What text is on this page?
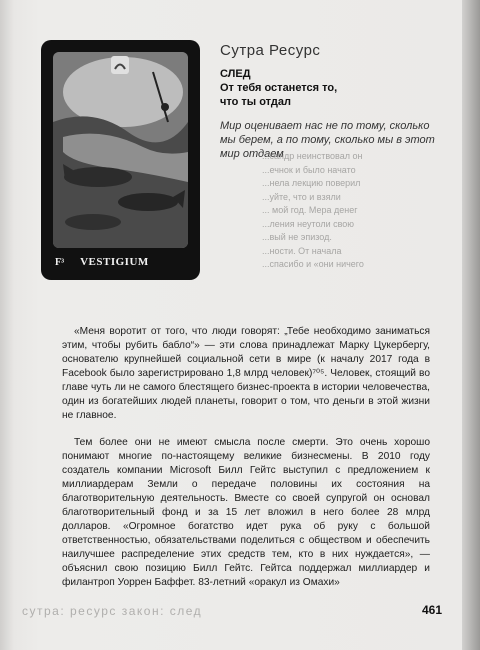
...сандр неинствовал он
...ечнок и было начато
...нела лекцию поверил
...уйте, что и взяли
... мой год. Мера денег
...ления неутоли свою
...вый не эпизод.
...ности. От начала
...спасибо и «они ничего
F³ VESTIGIUM
Сутра Ресурс
СЛЕД
От тебя останется то,
что ты отдал
Мир оценивает нас не по тому, сколько
мы берем, а по тому, сколько мы в этот
мир отдаем

«Меня воротит от того, что люди говорят: „Тебе необходимо заниматься этим, чтобы рубить бабло“» — эти слова принадлежат Марку Цукербергу, основателю крупнейшей социальной сети в мире (к началу 2017 года в Facebook было зарегистрировано 1,8 млрд человек)⁷⁰⁵. Человек, стоящий во главе чуть ли не самого блестящего бизнес-проекта в истории человечества, один из богатейших людей планеты, говорит о том, что деньги в этой жизни не главное.

Тем более они не имеют смысла после смерти. Это очень хорошо понимают многие по-настоящему великие бизнесмены. В 2010 году создатель компании Microsoft Билл Гейтс выступил с предложением к миллиардерам Земли о передаче половины их состояния на благотворительную деятельность. Вместе со своей супругой он основал благотворительный фонд и за 15 лет вложил в него более 28 млрд долларов. «Огромное богатство идет рука об руку с большой ответственностью, обязательствами поделиться с обществом и обеспечить наилучшее распределение этих средств тем, кто в них нуждается», — объяснил свою позицию Билл Гейтс. Гейтса поддержал миллиардер и филантроп Уоррен Баффет. 83-летний «оракул из Омахи»

сутра: ресурс закон: след	461
